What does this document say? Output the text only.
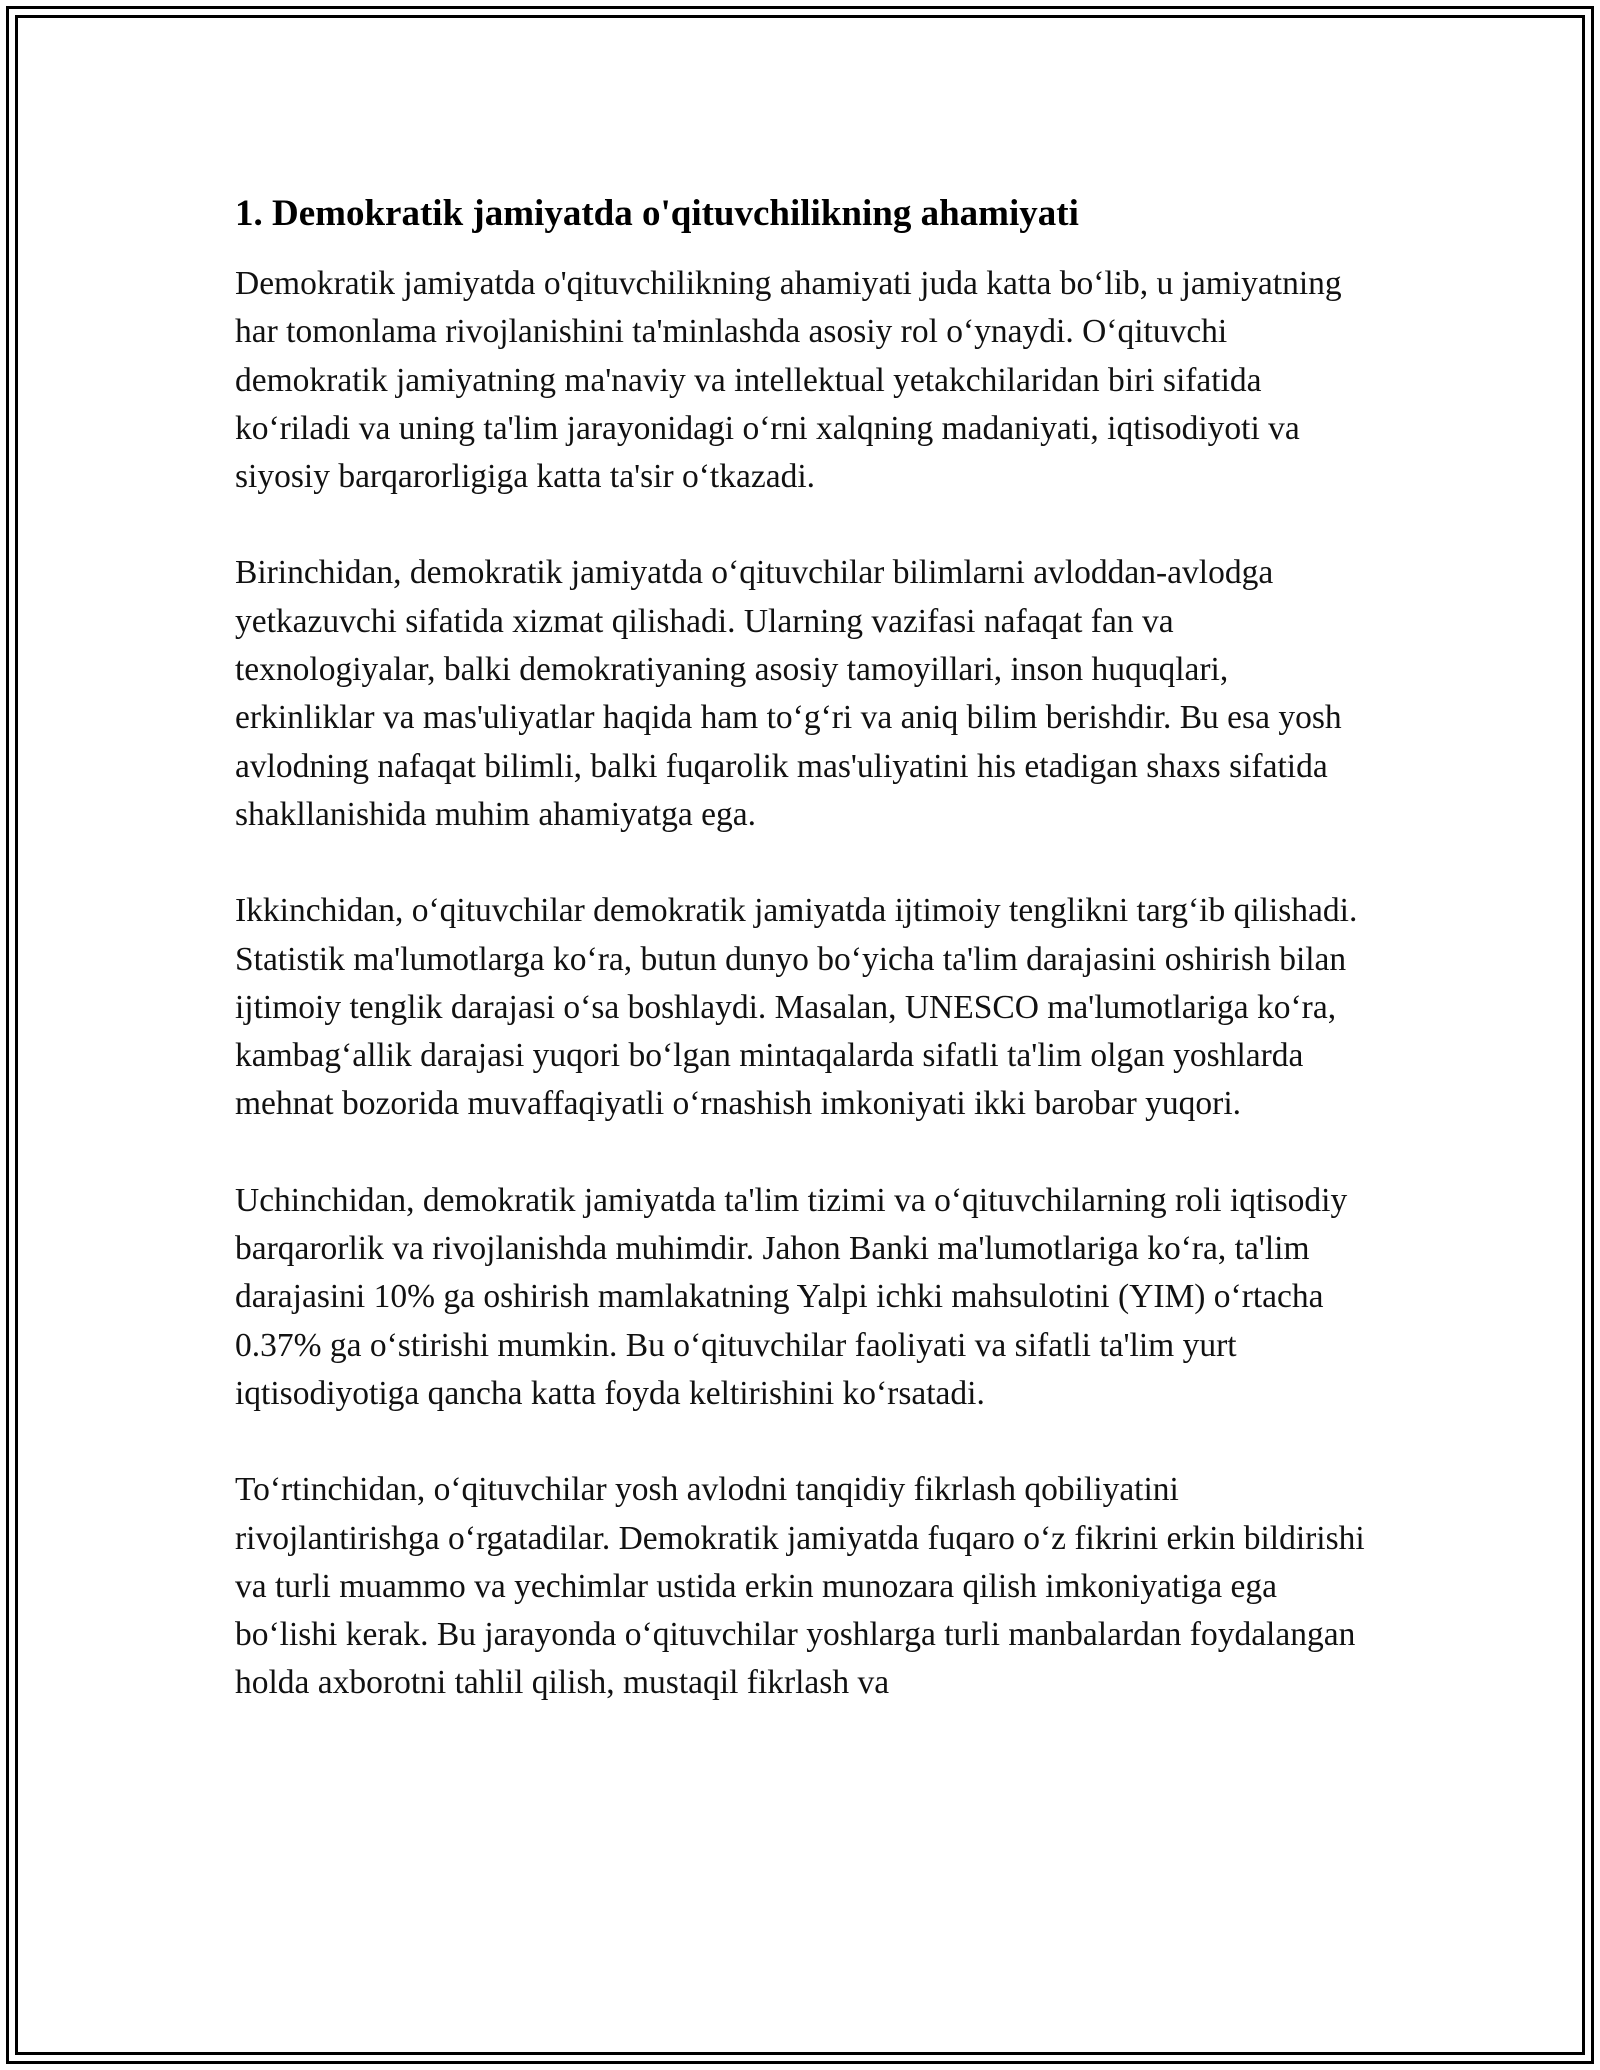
1. Demokratik jamiyatda o'qituvchilikning ahamiyati

Demokratik jamiyatda o'qituvchilikning ahamiyati juda katta bo‘lib, u jamiyatning har tomonlama rivojlanishini ta'minlashda asosiy rol o‘ynaydi. O‘qituvchi demokratik jamiyatning ma'naviy va intellektual yetakchilaridan biri sifatida ko‘riladi va uning ta'lim jarayonidagi o‘rni xalqning madaniyati, iqtisodiyoti va siyosiy barqarorligiga katta ta'sir o‘tkazadi.

Birinchidan, demokratik jamiyatda o‘qituvchilar bilimlarni avloddan-avlodga yetkazuvchi sifatida xizmat qilishadi. Ularning vazifasi nafaqat fan va texnologiyalar, balki demokratiyaning asosiy tamoyillari, inson huquqlari, erkinliklar va mas'uliyatlar haqida ham to‘g‘ri va aniq bilim berishdir. Bu esa yosh avlodning nafaqat bilimli, balki fuqarolik mas'uliyatini his etadigan shaxs sifatida shakllanishida muhim ahamiyatga ega.

Ikkinchidan, o‘qituvchilar demokratik jamiyatda ijtimoiy tenglikni targ‘ib qilishadi. Statistik ma'lumotlarga ko‘ra, butun dunyo bo‘yicha ta'lim darajasini oshirish bilan ijtimoiy tenglik darajasi o‘sa boshlaydi. Masalan, UNESCO ma'lumotlariga ko‘ra, kambag‘allik darajasi yuqori bo‘lgan mintaqalarda sifatli ta'lim olgan yoshlarda mehnat bozorida muvaffaqiyatli o‘rnashish imkoniyati ikki barobar yuqori.

Uchinchidan, demokratik jamiyatda ta'lim tizimi va o‘qituvchilarning roli iqtisodiy barqarorlik va rivojlanishda muhimdir. Jahon Banki ma'lumotlariga ko‘ra, ta'lim darajasini 10% ga oshirish mamlakatning Yalpi ichki mahsulotini (YIM) o‘rtacha 0.37% ga o‘stirishi mumkin. Bu o‘qituvchilar faoliyati va sifatli ta'lim yurt iqtisodiyotiga qancha katta foyda keltirishini ko‘rsatadi.

To‘rtinchidan, o‘qituvchilar yosh avlodni tanqidiy fikrlash qobiliyatini rivojlantirishga o‘rgatadilar. Demokratik jamiyatda fuqaro o‘z fikrini erkin bildirishi va turli muammo va yechimlar ustida erkin munozara qilish imkoniyatiga ega bo‘lishi kerak. Bu jarayonda o‘qituvchilar yoshlarga turli manbalardan foydalangan holda axborotni tahlil qilish, mustaqil fikrlash va
